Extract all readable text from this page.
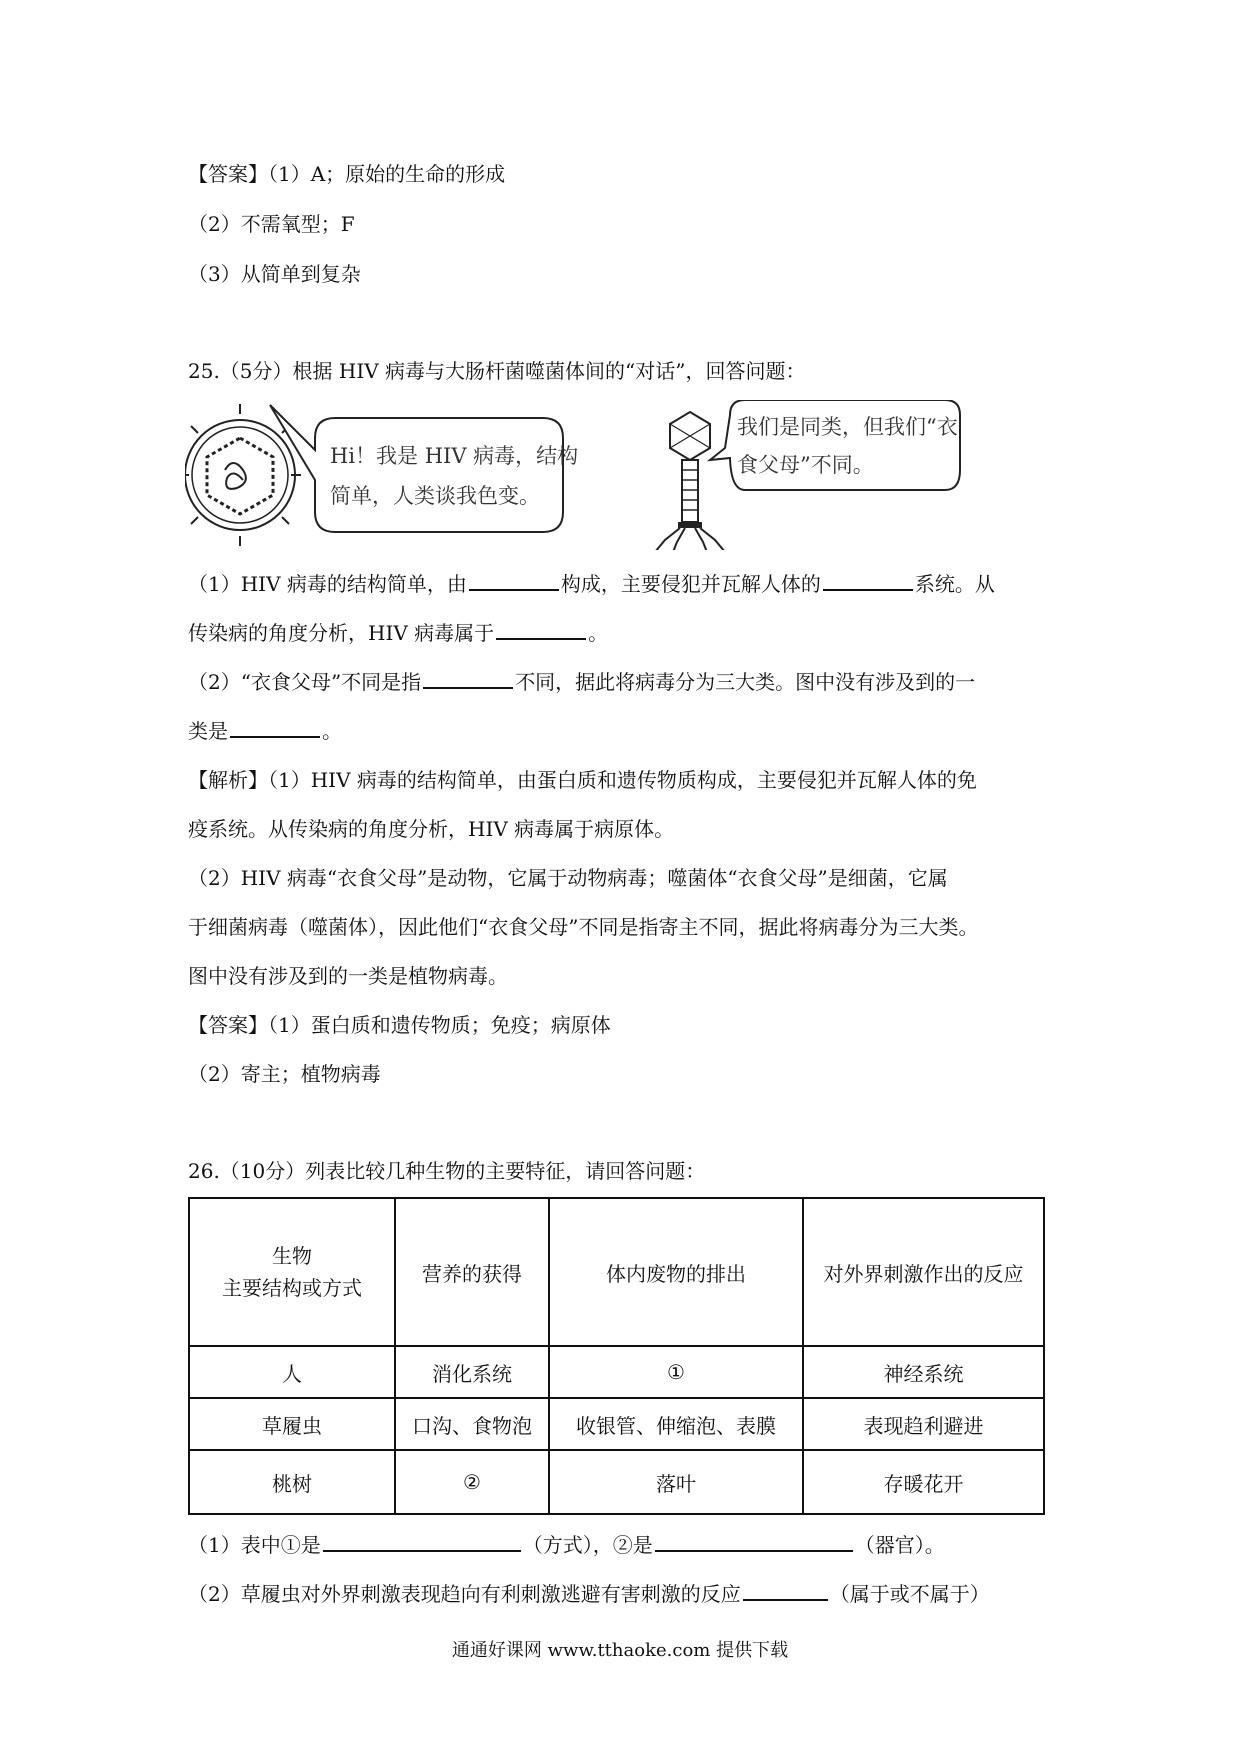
【答案】（1）A；原始的生命的形成
（2）不需氧型；F
（3）从简单到复杂
25.（5分）根据 HIV 病毒与大肠杆菌噬菌体间的“对话”，回答问题：
Hi！我是 HIV 病毒，结构
简单，人类谈我色变。
我们是同类，但我们“衣
食父母”不同。
（1）HIV 病毒的结构简单，由	构成，主要侵犯并瓦解人体的	系统。从
传染病的角度分析，HIV 病毒属于	。
（2）“衣食父母”不同是指	不同，据此将病毒分为三大类。图中没有涉及到的一
类是	。
【解析】（1）HIV 病毒的结构简单，由蛋白质和遗传物质构成，主要侵犯并瓦解人体的免
疫系统。从传染病的角度分析，HIV 病毒属于病原体。
（2）HIV 病毒“衣食父母”是动物，它属于动物病毒；噬菌体“衣食父母”是细菌，它属
于细菌病毒（噬菌体），因此他们“衣食父母”不同是指寄主不同，据此将病毒分为三大类。
图中没有涉及到的一类是植物病毒。
【答案】（1）蛋白质和遗传物质；免疫；病原体
（2）寄主；植物病毒
26.（10分）列表比较几种生物的主要特征，请回答问题：
生物
主要结构或方式	营养的获得	体内废物的排出	对外界刺激作出的反应
人	消化系统	①	神经系统
草履虫	口沟、食物泡	收银管、伸缩泡、表膜	表现趋利避进
桃树	②	落叶	存暖花开
（1）表中①是	（方式），②是	（器官）。
（2）草履虫对外界刺激表现趋向有利刺激逃避有害刺激的反应	（属于或不属于）
通通好课网 www.tthaoke.com 提供下载
